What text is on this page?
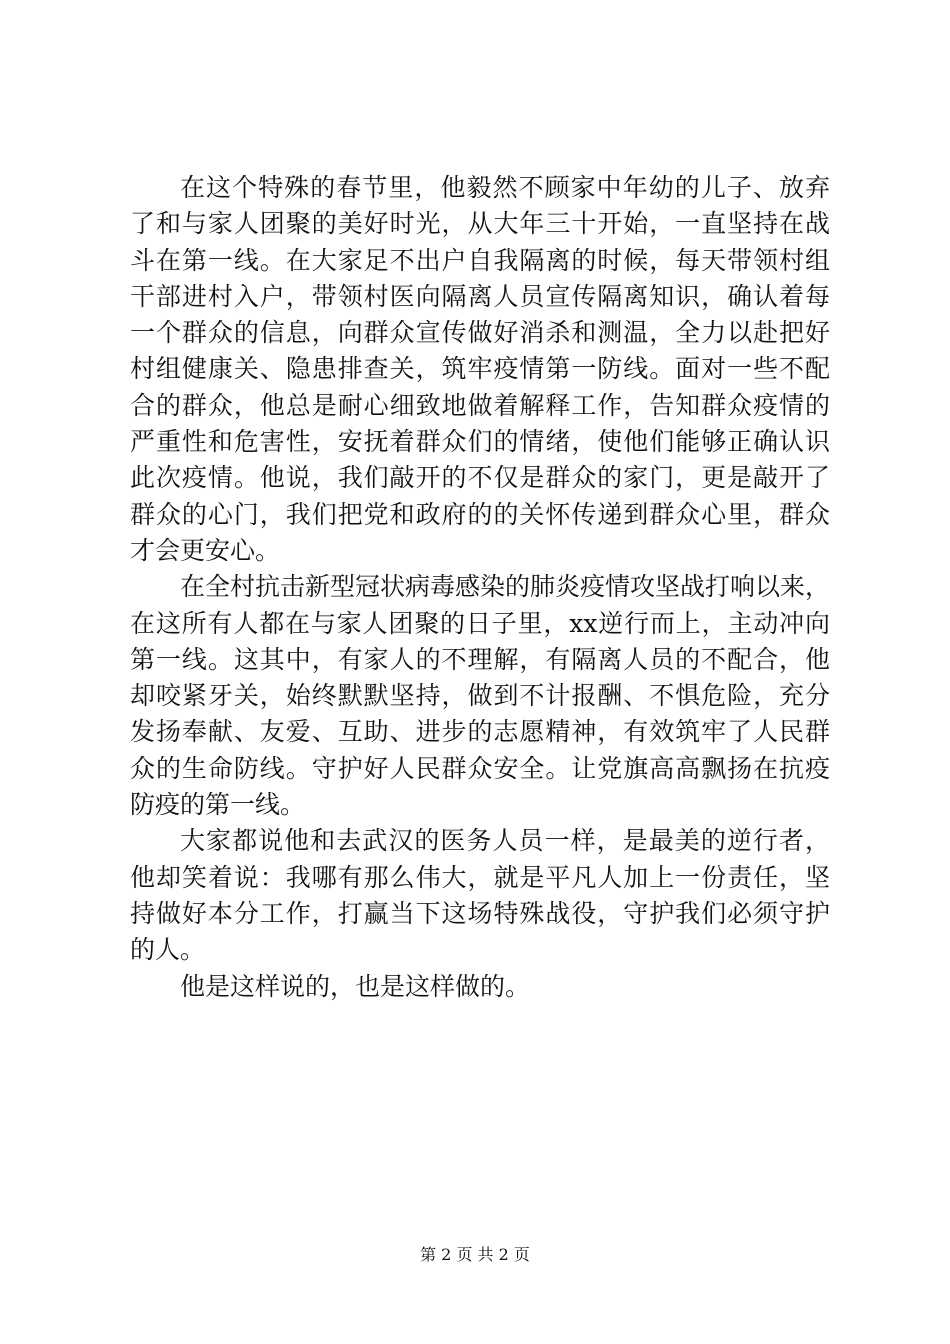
在这个特殊的春节里，他毅然不顾家中年幼的儿子、放弃
了和与家人团聚的美好时光，从大年三十开始，一直坚持在战
斗在第一线。在大家足不出户自我隔离的时候，每天带领村组
干部进村入户，带领村医向隔离人员宣传隔离知识，确认着每
一个群众的信息，向群众宣传做好消杀和测温，全力以赴把好
村组健康关、隐患排查关，筑牢疫情第一防线。面对一些不配
合的群众，他总是耐心细致地做着解释工作，告知群众疫情的
严重性和危害性，安抚着群众们的情绪，使他们能够正确认识
此次疫情。他说，我们敲开的不仅是群众的家门，更是敲开了
群众的心门，我们把党和政府的的关怀传递到群众心里，群众
才会更安心。
在全村抗击新型冠状病毒感染的肺炎疫情攻坚战打响以来，
在这所有人都在与家人团聚的日子里，xx逆行而上，主动冲向
第一线。这其中，有家人的不理解，有隔离人员的不配合，他
却咬紧牙关，始终默默坚持，做到不计报酬、不惧危险，充分
发扬奉献、友爱、互助、进步的志愿精神，有效筑牢了人民群
众的生命防线。守护好人民群众安全。让党旗高高飘扬在抗疫
防疫的第一线。
大家都说他和去武汉的医务人员一样，是最美的逆行者，
他却笑着说：我哪有那么伟大，就是平凡人加上一份责任，坚
持做好本分工作，打赢当下这场特殊战役，守护我们必须守护
的人。
他是这样说的，也是这样做的。
第 2 页 共 2 页
